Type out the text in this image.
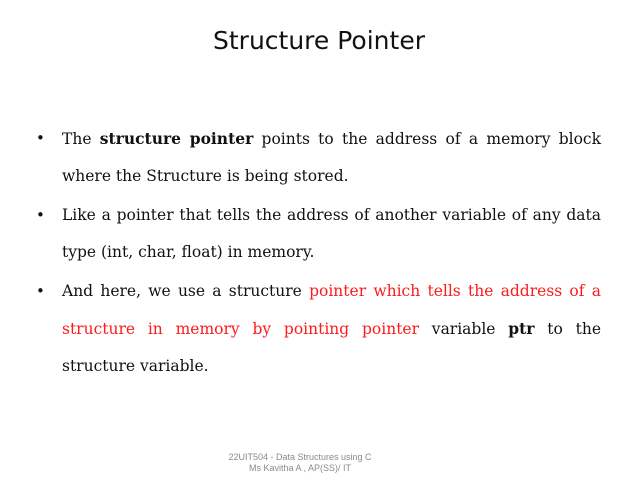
Structure Pointer
• The structure pointer points to the address of a memory block where the Structure is being stored.
• Like a pointer that tells the address of another variable of any data type (int, char, float) in memory.
• And here, we use a structure pointer which tells the address of a structure in memory by pointing pointer variable ptr to the structure variable.
22UIT504 - Data Structures using C
Ms Kavitha A , AP(SS)/ IT
